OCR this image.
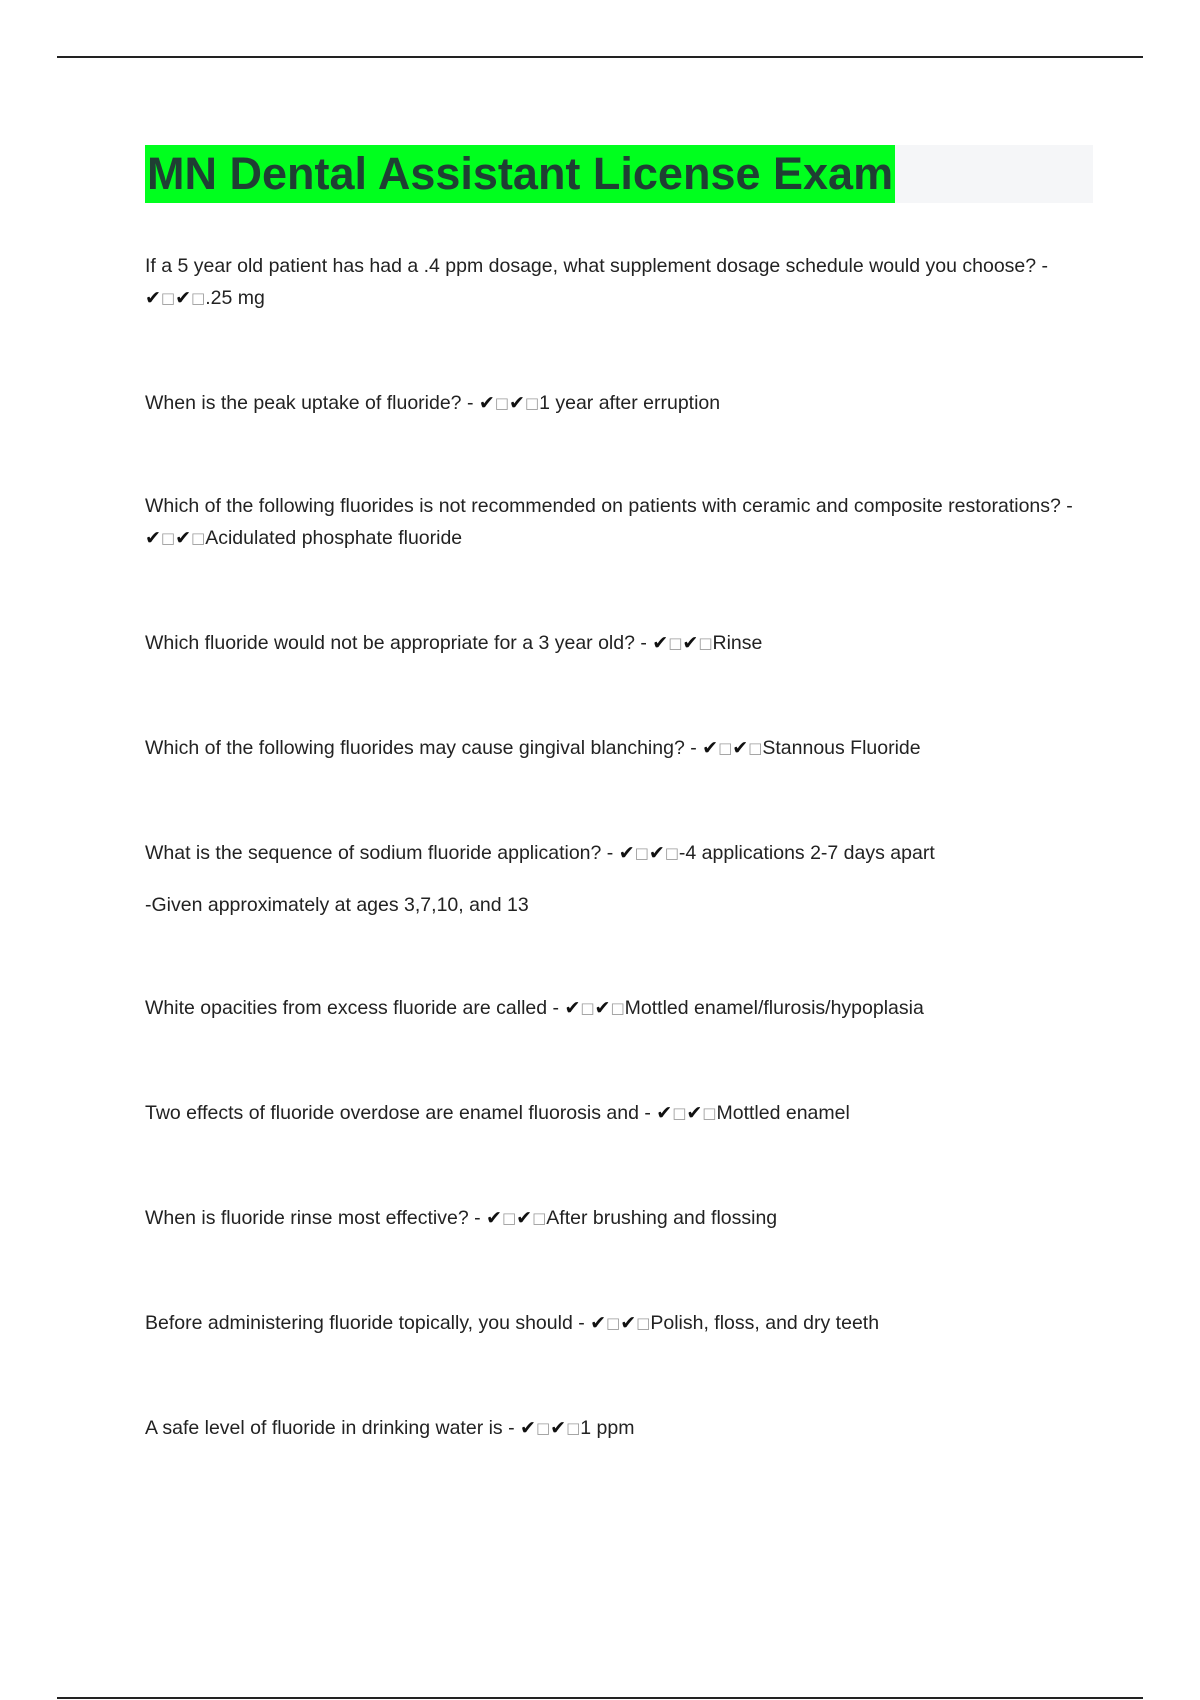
MN Dental Assistant License Exam
If a 5 year old patient has had a .4 ppm dosage, what supplement dosage schedule would you choose? - ✔□✔□.25 mg
When is the peak uptake of fluoride? - ✔□✔□1 year after erruption
Which of the following fluorides is not recommended on patients with ceramic and composite restorations? - ✔□✔□Acidulated phosphate fluoride
Which fluoride would not be appropriate for a 3 year old? - ✔□✔□Rinse
Which of the following fluorides may cause gingival blanching? - ✔□✔□Stannous Fluoride
What is the sequence of sodium fluoride application? - ✔□✔□-4 applications 2-7 days apart
-Given approximately at ages 3,7,10, and 13
White opacities from excess fluoride are called - ✔□✔□Mottled enamel/flurosis/hypoplasia
Two effects of fluoride overdose are enamel fluorosis and - ✔□✔□Mottled enamel
When is fluoride rinse most effective? - ✔□✔□After brushing and flossing
Before administering fluoride topically, you should - ✔□✔□Polish, floss, and dry teeth
A safe level of fluoride in drinking water is - ✔□✔□1 ppm
